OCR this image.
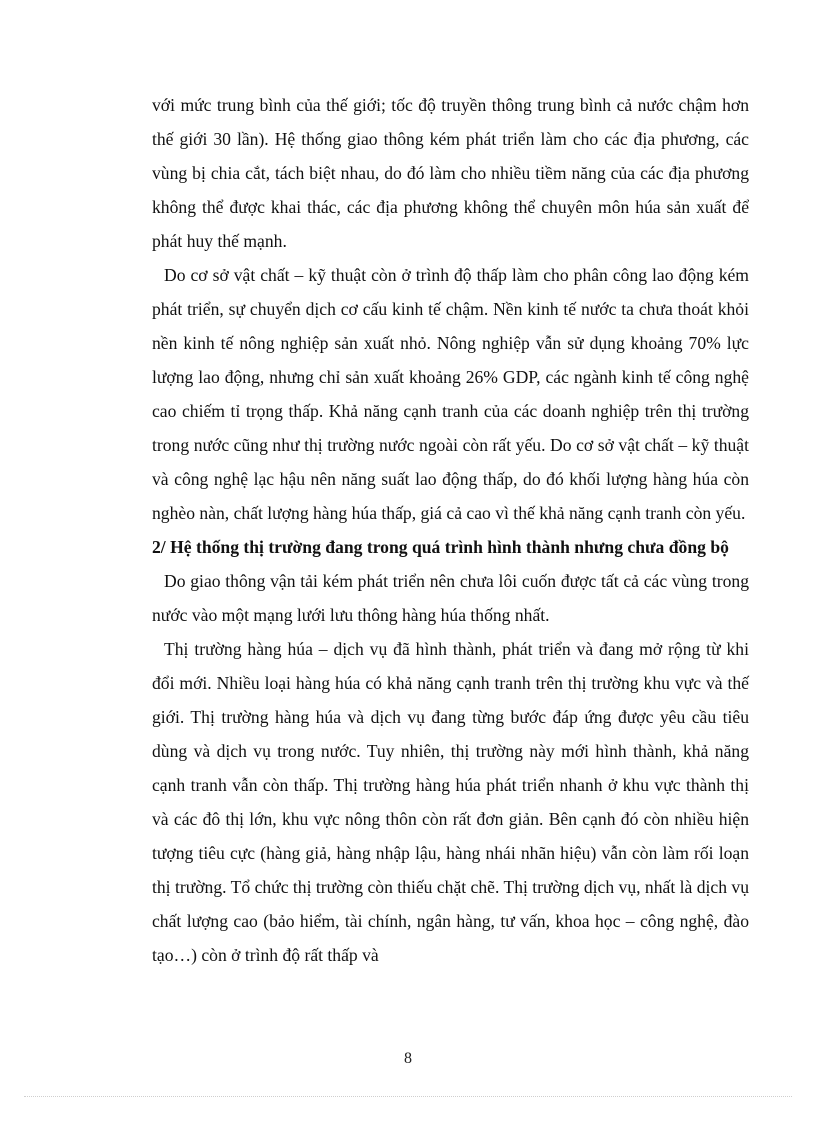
với mức trung bình của thế giới; tốc độ truyền thông trung bình cả nước chậm hơn thế giới 30 lần). Hệ thống giao thông kém phát triển làm cho các địa phương, các vùng bị chia cắt, tách biệt nhau, do đó làm cho nhiều tiềm năng của các địa phương không thể được khai thác, các địa phương không thể chuyên môn húa sản xuất để phát huy thế mạnh.

Do cơ sở vật chất – kỹ thuật còn ở trình độ thấp làm cho phân công lao động kém phát triển, sự chuyển dịch cơ cấu kinh tế chậm. Nền kinh tế nước ta chưa thoát khỏi nền kinh tế nông nghiệp sản xuất nhỏ. Nông nghiệp vẫn sử dụng khoảng 70% lực lượng lao động, nhưng chỉ sản xuất khoảng 26% GDP, các ngành kinh tế công nghệ cao chiếm tỉ trọng thấp. Khả năng cạnh tranh của các doanh nghiệp trên thị trường trong nước cũng như thị trường nước ngoài còn rất yếu. Do cơ sở vật chất – kỹ thuật và công nghệ lạc hậu nên năng suất lao động thấp, do đó khối lượng hàng húa còn nghèo nàn, chất lượng hàng húa thấp, giá cả cao vì thế khả năng cạnh tranh còn yếu.

2/ Hệ thống thị trường đang trong quá trình hình thành nhưng chưa đồng bộ

Do giao thông vận tải kém phát triển nên chưa lôi cuốn được tất cả các vùng trong nước vào một mạng lưới lưu thông hàng húa thống nhất.

Thị trường hàng húa – dịch vụ đã hình thành, phát triển và đang mở rộng từ khi đổi mới. Nhiều loại hàng húa có khả năng cạnh tranh trên thị trường khu vực và thế giới. Thị trường hàng húa và dịch vụ đang từng bước đáp ứng được yêu cầu tiêu dùng và dịch vụ trong nước. Tuy nhiên, thị trường này mới hình thành, khả năng cạnh tranh vẫn còn thấp. Thị trường hàng húa phát triển nhanh ở khu vực thành thị và các đô thị lớn, khu vực nông thôn còn rất đơn giản. Bên cạnh đó còn nhiều hiện tượng tiêu cực (hàng giả, hàng nhập lậu, hàng nhái nhãn hiệu) vẫn còn làm rối loạn thị trường. Tổ chức thị trường còn thiếu chặt chẽ. Thị trường dịch vụ, nhất là dịch vụ chất lượng cao (bảo hiểm, tài chính, ngân hàng, tư vấn, khoa học – công nghệ, đào tạo…) còn ở trình độ rất thấp và

8
